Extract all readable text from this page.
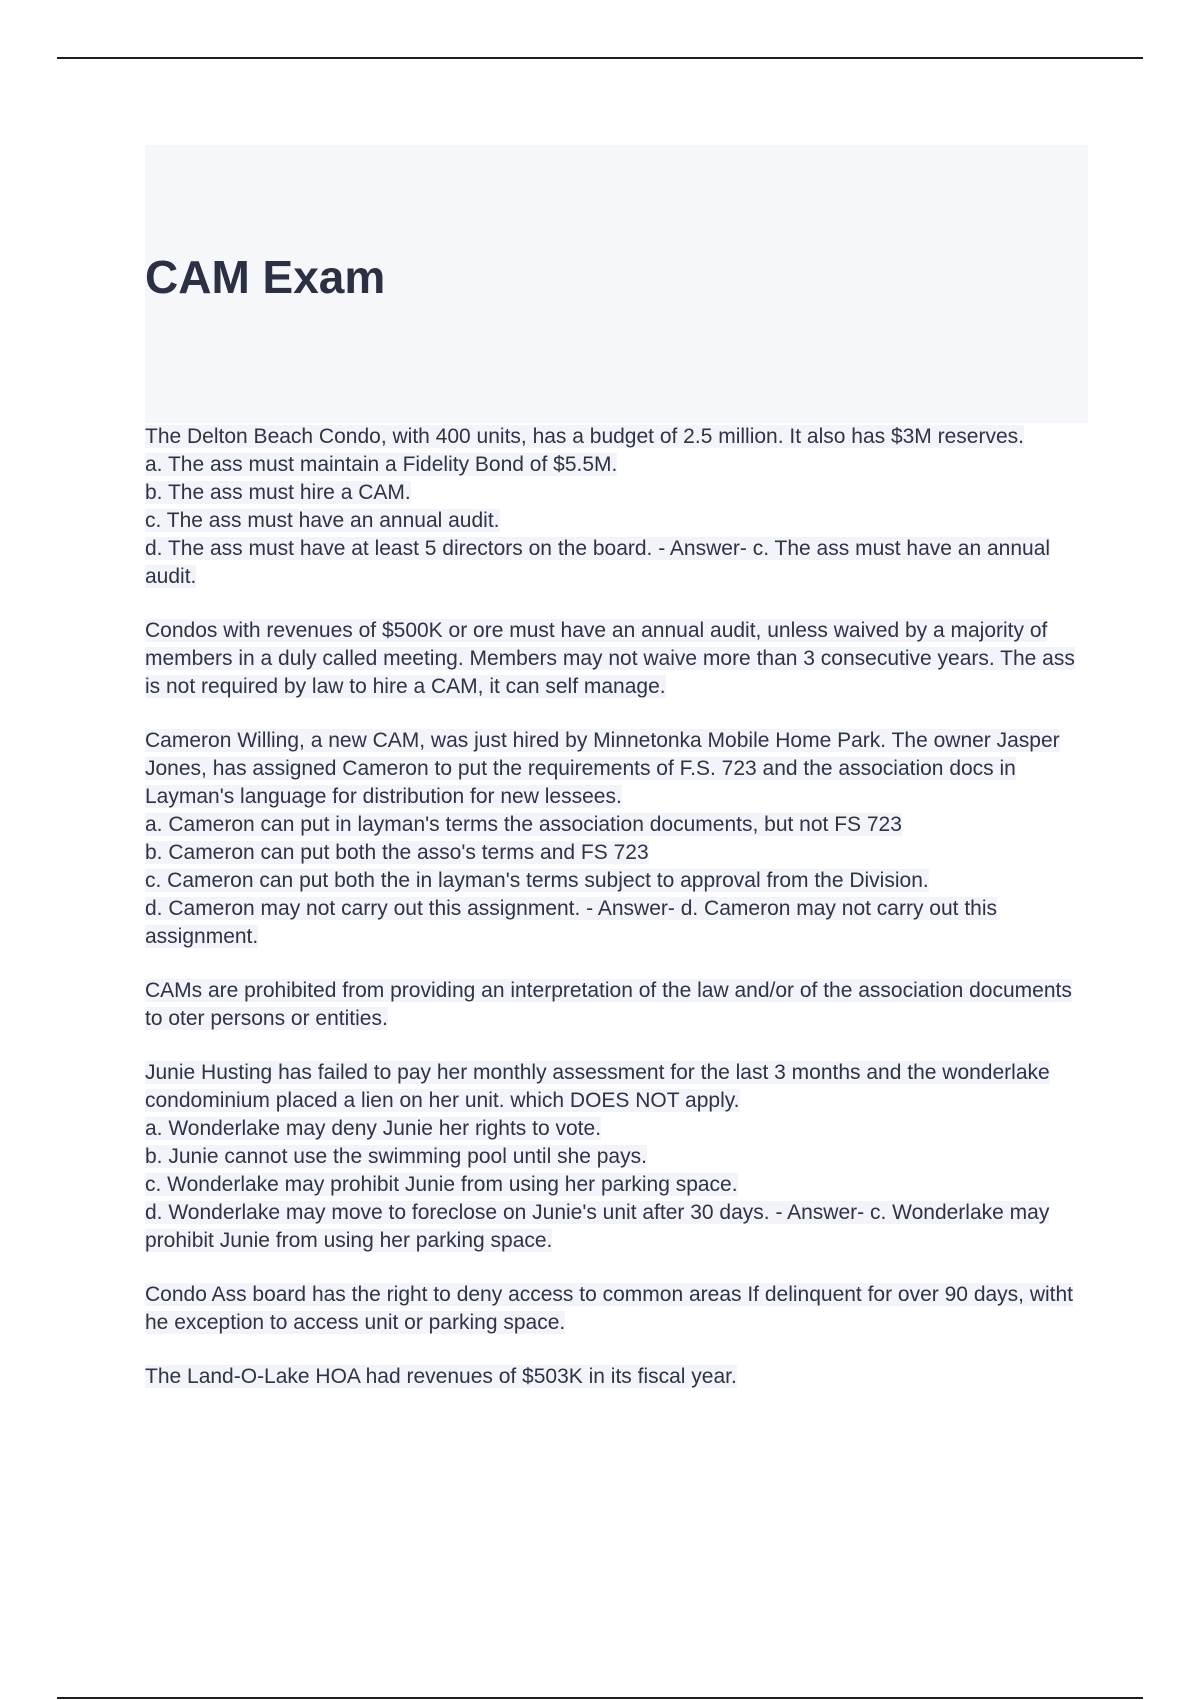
CAM Exam

The Delton Beach Condo, with 400 units, has a budget of 2.5 million. It also has $3M reserves.
a. The ass must maintain a Fidelity Bond of $5.5M.
b. The ass must hire a CAM.
c. The ass must have an annual audit.
d. The ass must have at least 5 directors on the board. - Answer- c. The ass must have an annual audit.

Condos with revenues of $500K or ore must have an annual audit, unless waived by a majority of members in a duly called meeting. Members may not waive more than 3 consecutive years. The ass is not required by law to hire a CAM, it can self manage.

Cameron Willing, a new CAM, was just hired by Minnetonka Mobile Home Park. The owner Jasper Jones, has assigned Cameron to put the requirements of F.S. 723 and the association docs in Layman's language for distribution for new lessees.
a. Cameron can put in layman's terms the association documents, but not FS 723
b. Cameron can put both the asso's terms and FS 723
c. Cameron can put both the in layman's terms subject to approval from the Division.
d. Cameron may not carry out this assignment. - Answer- d. Cameron may not carry out this assignment.

CAMs are prohibited from providing an interpretation of the law and/or of the association documents to oter persons or entities.

Junie Husting has failed to pay her monthly assessment for the last 3 months and the wonderlake condominium placed a lien on her unit. which DOES NOT apply.
a. Wonderlake may deny Junie her rights to vote.
b. Junie cannot use the swimming pool until she pays.
c. Wonderlake may prohibit Junie from using her parking space.
d. Wonderlake may move to foreclose on Junie's unit after 30 days. - Answer- c. Wonderlake may prohibit Junie from using her parking space.

Condo Ass board has the right to deny access to common areas If delinquent for over 90 days, witht he exception to access unit or parking space.

The Land-O-Lake HOA had revenues of $503K in its fiscal year.
